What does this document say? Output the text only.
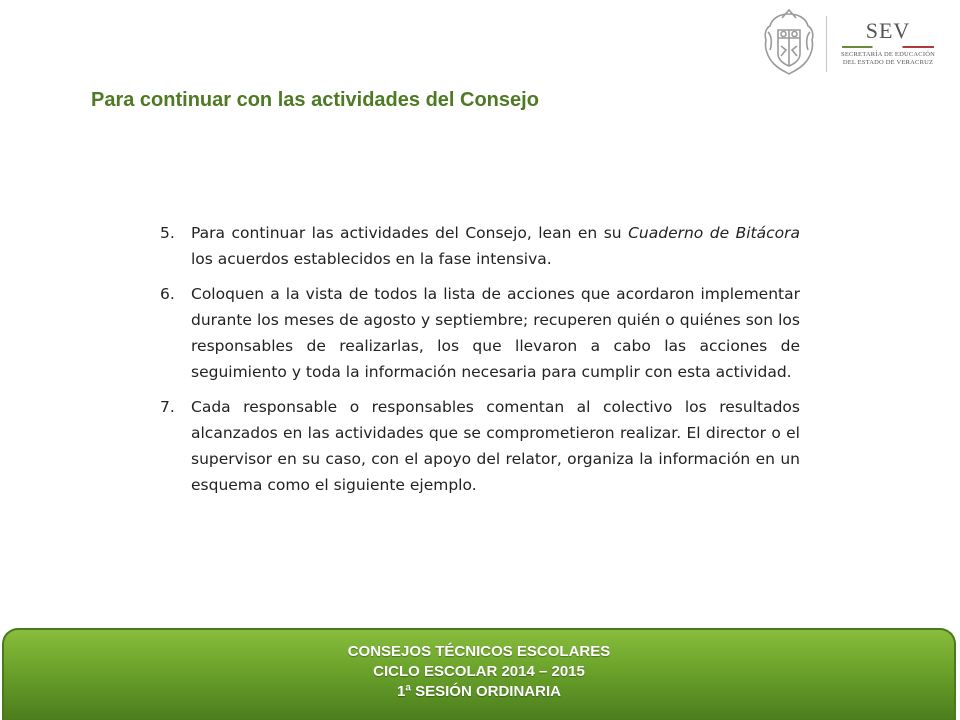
SEV
SECRETARÍA DE EDUCACIÓN
DEL ESTADO DE VERACRUZ
Para continuar con las actividades del Consejo
5.	Para continuar las actividades del Consejo, lean en su Cuaderno de Bitácora los acuerdos establecidos en la fase intensiva.
6.	Coloquen a la vista de todos la lista de acciones que acordaron implementar durante los meses de agosto y septiembre; recuperen quién o quiénes son los responsables de realizarlas, los que llevaron a cabo las acciones de seguimiento y toda la información necesaria para cumplir con esta actividad.
7.	Cada responsable o responsables comentan al colectivo los resultados alcanzados en las actividades que se comprometieron realizar. El director o el supervisor en su caso, con el apoyo del relator, organiza la información en un esquema como el siguiente ejemplo.
CONSEJOS TÉCNICOS ESCOLARES
CICLO ESCOLAR 2014 – 2015
1ª SESIÓN ORDINARIA
